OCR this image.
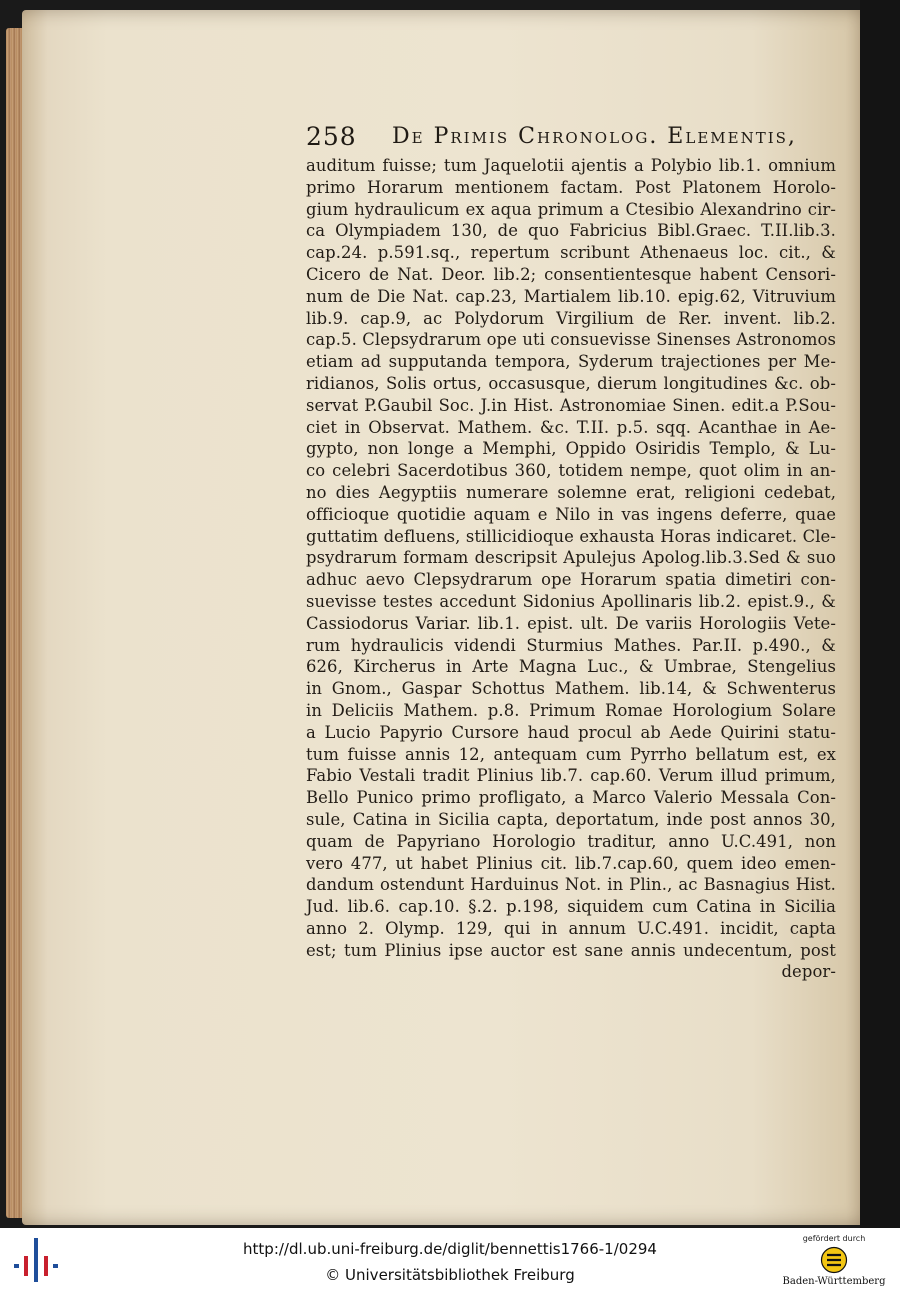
258 De Primis Chronolog. Elementis,
auditum fuisse; tum Jaquelotii ajentis a Polybio lib.1. omnium
primo Horarum mentionem factam. Post Platonem Horolo-
gium hydraulicum ex aqua primum a Ctesibio Alexandrino cir-
ca Olympiadem 130, de quo Fabricius Bibl.Graec. T.II.lib.3.
cap.24. p.591.sq., repertum scribunt Athenaeus loc. cit., &
Cicero de Nat. Deor. lib.2; consentientesque habent Censori-
num de Die Nat. cap.23, Martialem lib.10. epig.62, Vitruvium
lib.9. cap.9, ac Polydorum Virgilium de Rer. invent. lib.2.
cap.5. Clepsydrarum ope uti consuevisse Sinenses Astronomos
etiam ad supputanda tempora, Syderum trajectiones per Me-
ridianos, Solis ortus, occasusque, dierum longitudines &c. ob-
servat P.Gaubil Soc. J.in Hist. Astronomiae Sinen. edit.a P.Sou-
ciet in Observat. Mathem. &c. T.II. p.5. sqq. Acanthae in Ae-
gypto, non longe a Memphi, Oppido Osiridis Templo, & Lu-
co celebri Sacerdotibus 360, totidem nempe, quot olim in an-
no dies Aegyptiis numerare solemne erat, religioni cedebat,
officioque quotidie aquam e Nilo in vas ingens deferre, quae
guttatim defluens, stillicidioque exhausta Horas indicaret. Cle-
psydrarum formam descripsit Apulejus Apolog.lib.3.Sed & suo
adhuc aevo Clepsydrarum ope Horarum spatia dimetiri con-
suevisse testes accedunt Sidonius Apollinaris lib.2. epist.9., &
Cassiodorus Variar. lib.1. epist. ult. De variis Horologiis Vete-
rum hydraulicis videndi Sturmius Mathes. Par.II. p.490., &
626, Kircherus in Arte Magna Luc., & Umbrae, Stengelius
in Gnom., Gaspar Schottus Mathem. lib.14, & Schwenterus
in Deliciis Mathem. p.8. Primum Romae Horologium Solare
a Lucio Papyrio Cursore haud procul ab Aede Quirini statu-
tum fuisse annis 12, antequam cum Pyrrho bellatum est, ex
Fabio Vestali tradit Plinius lib.7. cap.60. Verum illud primum,
Bello Punico primo profligato, a Marco Valerio Messala Con-
sule, Catina in Sicilia capta, deportatum, inde post annos 30,
quam de Papyriano Horologio traditur, anno U.C.491, non
vero 477, ut habet Plinius cit. lib.7.cap.60, quem ideo emen-
dandum ostendunt Harduinus Not. in Plin., ac Basnagius Hist.
Jud. lib.6. cap.10. §.2. p.198, siquidem cum Catina in Sicilia
anno 2. Olymp. 129, qui in annum U.C.491. incidit, capta
est; tum Plinius ipse auctor est sane annis undecentum, post
depor-
http://dl.ub.uni-freiburg.de/diglit/bennettis1766-1/0294
© Universitätsbibliothek Freiburg
gefördert durch
Baden-Württemberg
